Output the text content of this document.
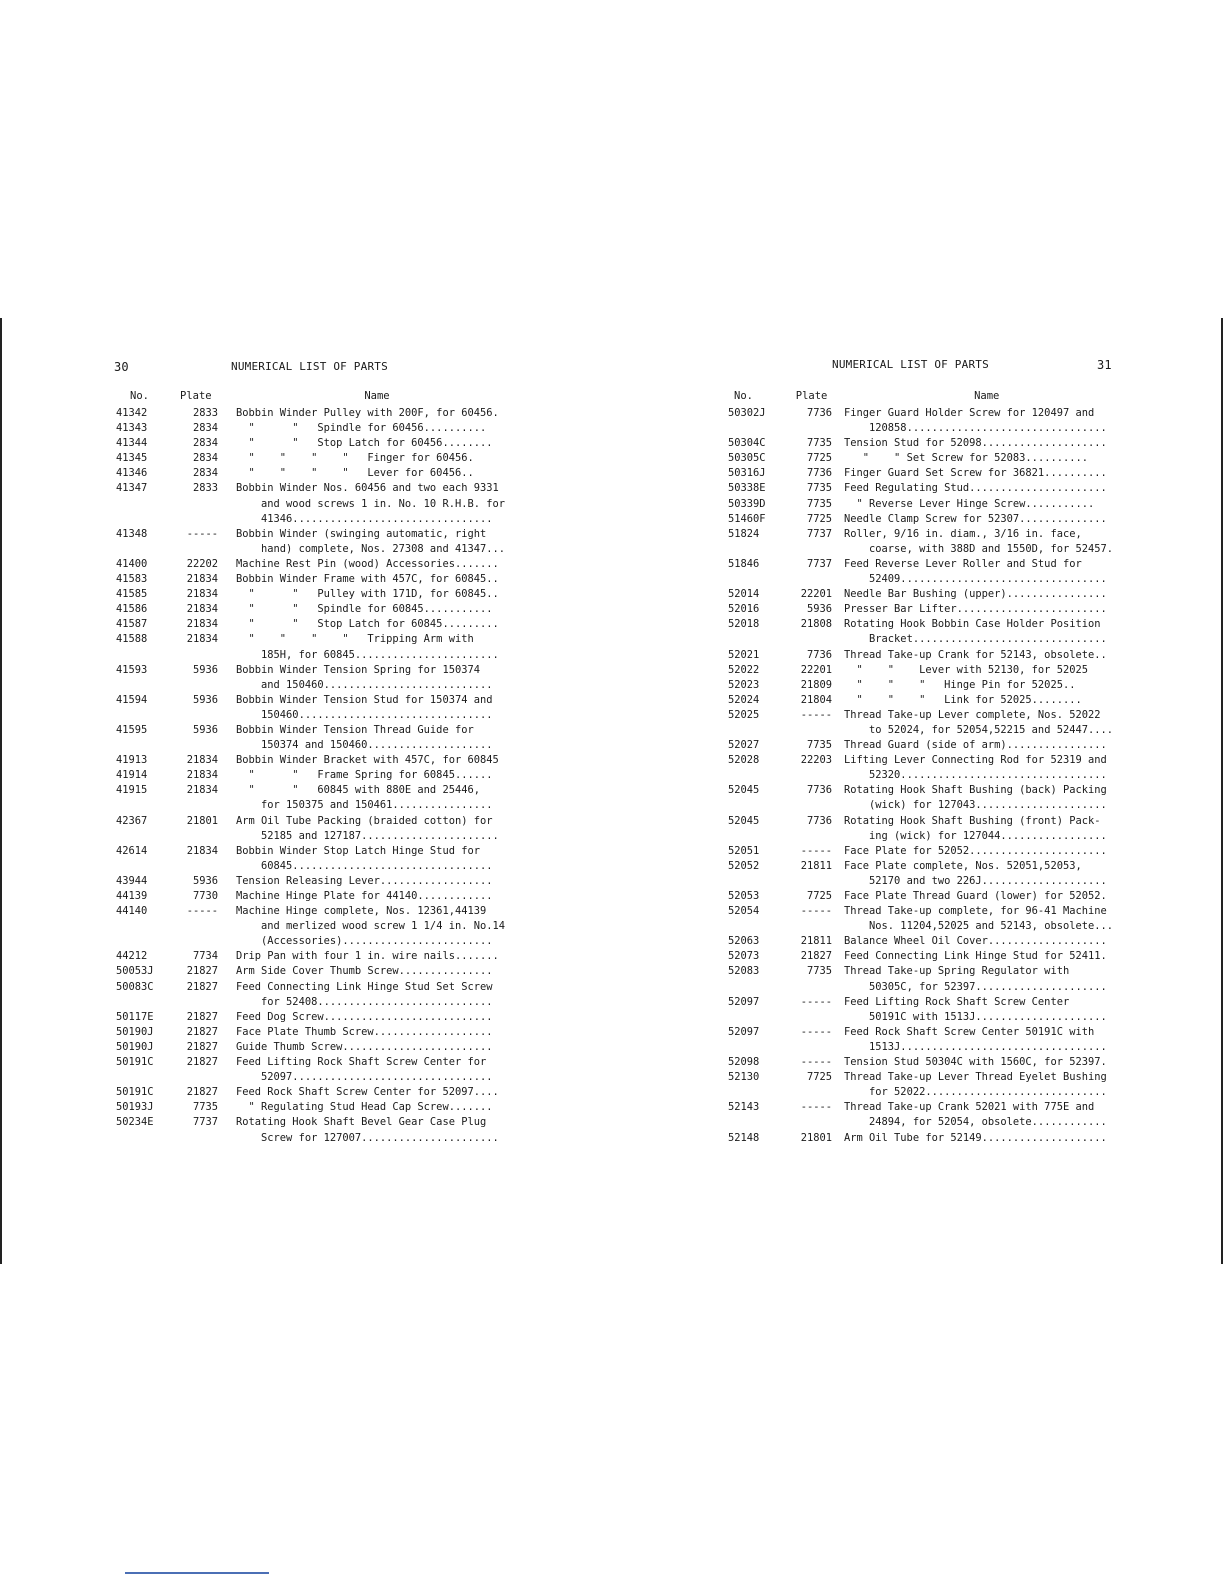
30	NUMERICAL LIST OF PARTS
No.	Plate	Name
41342	2833 Bobbin Winder Pulley with 200F, for 60456.
41343	2834 "      "   Spindle for 60456..........
41344	2834 "      "   Stop Latch for 60456........
41345	2834 "    "    "    "   Finger for 60456.
41346	2834 "    "    "    "   Lever for 60456..
41347	2833 Bobbin Winder Nos. 60456 and two each 9331
and wood screws 1 in. No. 10 R.H.B. for
41346................................
41348	----- Bobbin Winder (swinging automatic, right
hand) complete, Nos. 27308 and 41347...
41400	22202 Machine Rest Pin (wood) Accessories.......
41583	21834 Bobbin Winder Frame with 457C, for 60845..
41585	21834 "      "   Pulley with 171D, for 60845..
41586	21834 "      "   Spindle for 60845...........
41587	21834 "      "   Stop Latch for 60845.........
41588	21834	"    "    "    "   Tripping Arm with
185H, for 60845.......................
41593	5936 Bobbin Winder Tension Spring for 150374
and 150460...........................
41594	5936 Bobbin Winder Tension Stud for 150374 and
150460...............................
41595	5936 Bobbin Winder Tension Thread Guide for
150374 and 150460....................
41913	21834 Bobbin Winder Bracket with 457C, for 60845
41914	21834 "      "   Frame Spring for 60845......
41915	21834	"      "   60845 with 880E and 25446,
for 150375 and 150461................
42367	21801 Arm Oil Tube Packing (braided cotton) for
52185 and 127187......................
42614	21834 Bobbin Winder Stop Latch Hinge Stud for
60845................................
43944	5936 Tension Releasing Lever..................
44139	7730 Machine Hinge Plate for 44140............
44140	----- Machine Hinge complete, Nos. 12361,44139
and merlized wood screw 1 1/4 in. No.14
(Accessories)........................
44212	7734 Drip Pan with four 1 in. wire nails.......
50053J	21827 Arm Side Cover Thumb Screw...............
50083C	21827 Feed Connecting Link Hinge Stud Set Screw
for 52408............................
50117E	21827 Feed Dog Screw...........................
50190J	21827 Face Plate Thumb Screw...................
50190J	21827 Guide Thumb Screw........................
50191C	21827 Feed Lifting Rock Shaft Screw Center for
52097................................
50191C	21827 Feed Rock Shaft Screw Center for 52097....
50193J	7735 " Regulating Stud Head Cap Screw.......
50234E	7737 Rotating Hook Shaft Bevel Gear Case Plug
Screw for 127007......................
NUMERICAL LIST OF PARTS	31
No.	Plate	Name
50302J	7736 Finger Guard Holder Screw for 120497 and
120858................................
50304C	7735 Tension Stud for 52098....................
50305C	7725 "    " Set Screw for 52083..........
50316J	7736 Finger Guard Set Screw for 36821..........
50338E	7735 Feed Regulating Stud......................
50339D	7735 " Reverse Lever Hinge Screw...........
51460F	7725 Needle Clamp Screw for 52307..............
51824	7737 Roller, 9/16 in. diam., 3/16 in. face,
coarse, with 388D and 1550D, for 52457.
51846	7737 Feed Reverse Lever Roller and Stud for
52409.................................
52014	22201 Needle Bar Bushing (upper)................
52016	5936 Presser Bar Lifter........................
52018	21808 Rotating Hook Bobbin Case Holder Position
Bracket...............................
52021	7736 Thread Take-up Crank for 52143, obsolete..
52022	22201 "    "    Lever with 52130, for 52025
52023	21809 "    "    "   Hinge Pin for 52025..
52024	21804 "    "    "   Link for 52025........
52025	----- Thread Take-up Lever complete, Nos. 52022
to 52024, for 52054,52215 and 52447....
52027	7735 Thread Guard (side of arm)................
52028	22203 Lifting Lever Connecting Rod for 52319 and
52320.................................
52045	7736 Rotating Hook Shaft Bushing (back) Packing
(wick) for 127043.....................
52045	7736 Rotating Hook Shaft Bushing (front) Pack-
ing (wick) for 127044.................
52051	----- Face Plate for 52052......................
52052	21811 Face Plate complete, Nos. 52051,52053,
52170 and two 226J....................
52053	7725 Face Plate Thread Guard (lower) for 52052.
52054	----- Thread Take-up complete, for 96-41 Machine
Nos. 11204,52025 and 52143, obsolete...
52063	21811 Balance Wheel Oil Cover...................
52073	21827 Feed Connecting Link Hinge Stud for 52411.
52083	7735 Thread Take-up Spring Regulator with
50305C, for 52397.....................
52097	----- Feed Lifting Rock Shaft Screw Center
50191C with 1513J.....................
52097	----- Feed Rock Shaft Screw Center 50191C with
1513J.................................
52098	----- Tension Stud 50304C with 1560C, for 52397.
52130	7725 Thread Take-up Lever Thread Eyelet Bushing
for 52022.............................
52143	----- Thread Take-up Crank 52021 with 775E and
24894, for 52054, obsolete............
52148	21801 Arm Oil Tube for 52149....................
